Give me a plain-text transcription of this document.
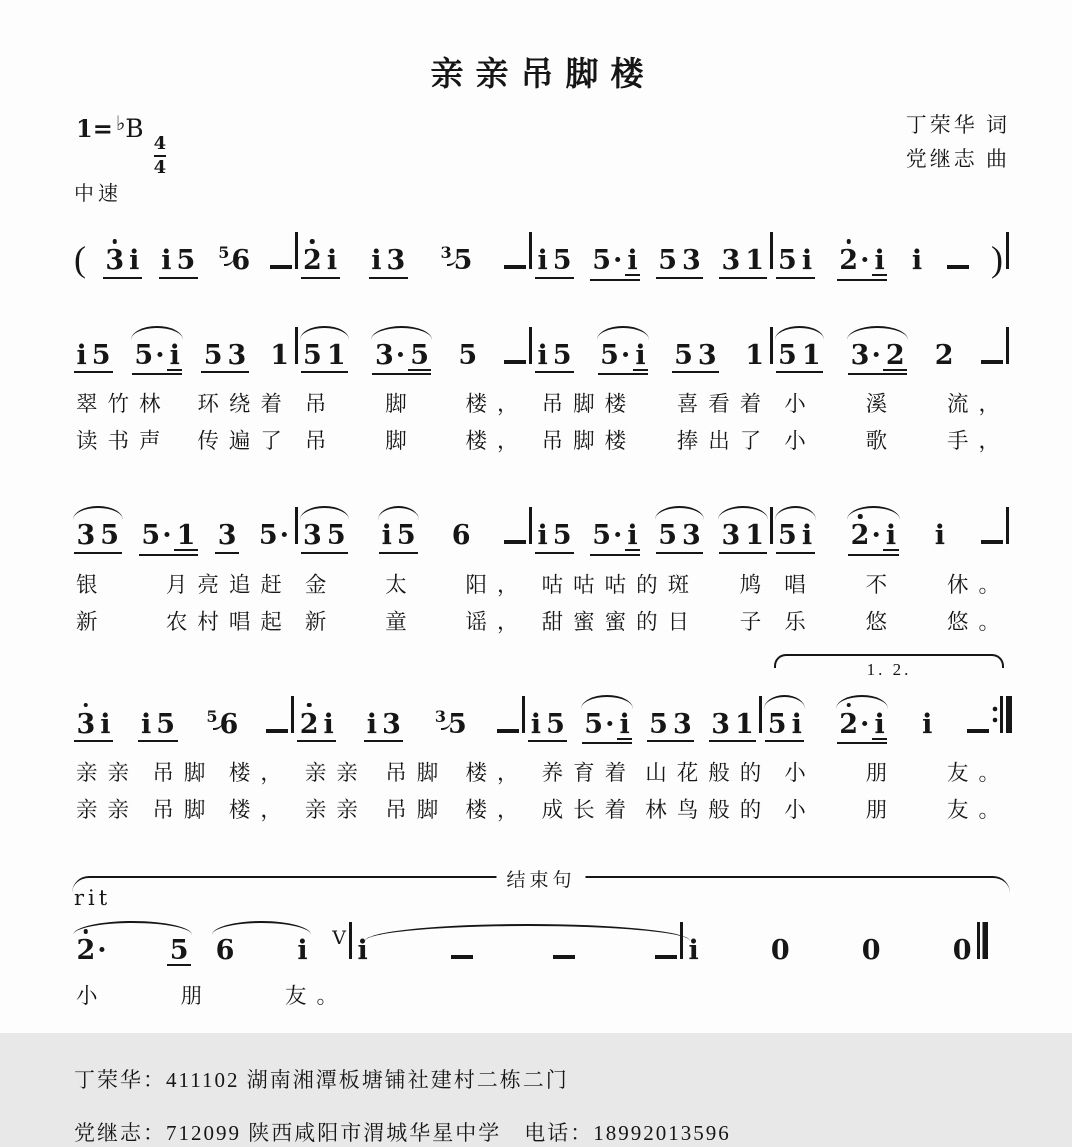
亲亲吊脚楼
1= ♭B
$\frac{4}{4}$
丁荣华 词
党继志 曲
中速
( 3 i i 5 5 6 2 i i 3 3 5 i 5 5 · i 5 3 3 1 5 i 2 · i i )
i 5 5 · i 5 3 1 5 1 3 · 5 5 i 5 5 · i 5 3 1 5 1 3 · 2 2
翠竹林 环绕着 吊 脚 楼， 吊脚楼 喜看着 小 溪 流，
读书声 传遍了 吊 脚 楼， 吊脚楼 捧出了 小 歌 手，
3 5 5 · 1 3 5 · 3 5 i 5 6 i 5 5 · i 5 3 3 1 5 i 2 · i i
银	月亮追赶 金 太 阳， 咕咕咕的斑 鸠 唱 不 休。
新	农村唱起 新 童 谣， 甜蜜蜜的日 子 乐 悠 悠。
3 i i 5 5 6 2 i i 3 3 5 i 5 5 · i 5 3 3 1 5 i 2 · i i
1. 2.
亲亲 吊脚 楼， 亲亲 吊脚 楼， 养育着 山花般的 小 朋 友。
亲亲 吊脚 楼， 亲亲 吊脚 楼， 成长着 林鸟般的 小 朋 友。
2 · 5 6 i V i	i	0	0	0
结束句
rit
小	朋	友。
丁荣华：411102 湖南湘潭板塘铺社建村二栋二门
党继志：712099 陕西咸阳市渭城华星中学　电话：18992013596
